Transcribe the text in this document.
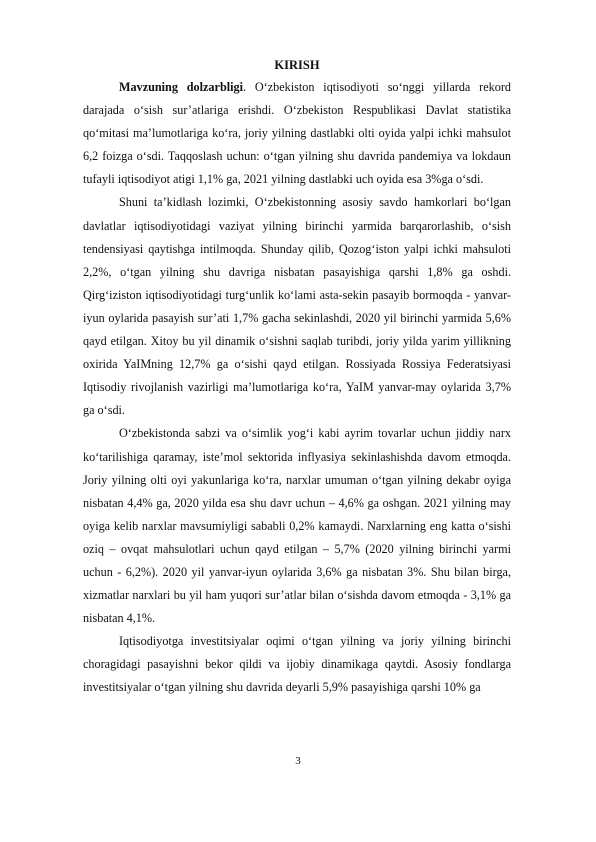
KIRISH

Mavzuning dolzarbligi. O‘zbekiston iqtisodiyoti so‘nggi yillarda rekord darajada o‘sish sur’atlariga erishdi. O‘zbekiston Respublikasi Davlat statistika qo‘mitasi ma’lumotlariga ko‘ra, joriy yilning dastlabki olti oyida yalpi ichki mahsulot 6,2 foizga o‘sdi. Taqqoslash uchun: o‘tgan yilning shu davrida pandemiya va lokdaun tufayli iqtisodiyot atigi 1,1% ga, 2021 yilning dastlabki uch oyida esa 3%ga o‘sdi.

Shuni ta’kidlash lozimki, O‘zbekistonning asosiy savdo hamkorlari bo‘lgan davlatlar iqtisodiyotidagi vaziyat yilning birinchi yarmida barqarorlashib, o‘sish tendensiyasi qaytishga intilmoqda. Shunday qilib, Qozog‘iston yalpi ichki mahsuloti 2,2%, o‘tgan yilning shu davriga nisbatan pasayishiga qarshi 1,8% ga oshdi. Qirg‘iziston iqtisodiyotidagi turg‘unlik ko‘lami asta-sekin pasayib bormoqda - yanvar-iyun oylarida pasayish sur’ati 1,7% gacha sekinlashdi, 2020 yil birinchi yarmida 5,6% qayd etilgan. Xitoy bu yil dinamik o‘sishni saqlab turibdi, joriy yilda yarim yillikning oxirida YaIMning 12,7% ga o‘sishi qayd etilgan. Rossiyada Rossiya Federatsiyasi Iqtisodiy rivojlanish vazirligi ma’lumotlariga ko‘ra, YaIM yanvar-may oylarida 3,7% ga o‘sdi.

O‘zbekistonda sabzi va o‘simlik yog‘i kabi ayrim tovarlar uchun jiddiy narx ko‘tarilishiga qaramay, iste’mol sektorida inflyasiya sekinlashishda davom etmoqda. Joriy yilning olti oyi yakunlariga ko‘ra, narxlar umuman o‘tgan yilning dekabr oyiga nisbatan 4,4% ga, 2020 yilda esa shu davr uchun – 4,6% ga oshgan. 2021 yilning may oyiga kelib narxlar mavsumiyligi sababli 0,2% kamaydi. Narxlarning eng katta o‘sishi oziq – ovqat mahsulotlari uchun qayd etilgan – 5,7% (2020 yilning birinchi yarmi uchun - 6,2%). 2020 yil yanvar-iyun oylarida 3,6% ga nisbatan 3%. Shu bilan birga, xizmatlar narxlari bu yil ham yuqori sur’atlar bilan o‘sishda davom etmoqda - 3,1% ga nisbatan 4,1%.

Iqtisodiyotga investitsiyalar oqimi o‘tgan yilning va joriy yilning birinchi choragidagi pasayishni bekor qildi va ijobiy dinamikaga qaytdi. Asosiy fondlarga investitsiyalar o‘tgan yilning shu davrida deyarli 5,9% pasayishiga qarshi 10% ga

3
